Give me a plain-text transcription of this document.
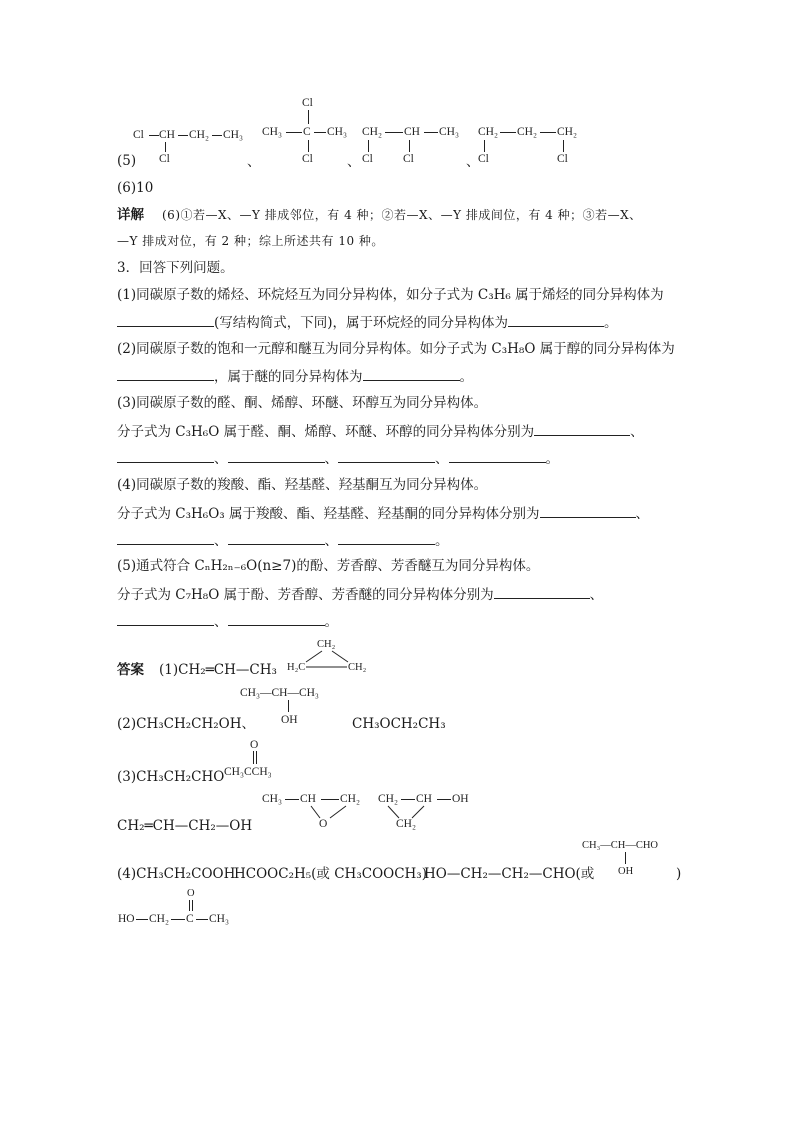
(5)
Cl CH CH₂ CH₃
Cl	、
Cl
CH₃ C CH₃
Cl	、
CH₂ CH CH₃
Cl	Cl	、
CH₂ CH₂ CH₂
Cl	Cl
(6)10
详解 (6)①若—X、—Y 排成邻位，有 4 种；②若—X、—Y 排成间位，有 4 种；③若—X、
—Y 排成对位，有 2 种；综上所述共有 10 种。
3．回答下列问题。
(1)同碳原子数的烯烃、环烷烃互为同分异构体，如分子式为 C₃H₆ 属于烯烃的同分异构体为
(写结构简式，下同)，属于环烷烃的同分异构体为	。
(2)同碳原子数的饱和一元醇和醚互为同分异构体。如分子式为 C₃H₈O 属于醇的同分异构体为
，属于醚的同分异构体为	。
(3)同碳原子数的醛、酮、烯醇、环醚、环醇互为同分异构体。
分子式为 C₃H₆O 属于醛、酮、烯醇、环醚、环醇的同分异构体分别为	、
、	、	、	。
(4)同碳原子数的羧酸、酯、羟基醛、羟基酮互为同分异构体。
分子式为 C₃H₆O₃ 属于羧酸、酯、羟基醛、羟基酮的同分异构体分别为	、
、	、	。
(5)通式符合 CₙH₂ₙ₋₆O(n≥7)的酚、芳香醇、芳香醚互为同分异构体。
分子式为 C₇H₈O 属于酚、芳香醇、芳香醚的同分异构体分别为	、
、	。
答案 (1)CH₂═CH—CH₃
CH₂
H₂C	CH₂
(2)CH₃CH₂CH₂OH、
CH₃—CH—CH₃
OH	CH₃OCH₂CH₃
(3)CH₃CH₂CHO
O
CH₃CCH₃
CH₃ CH CH₂
O
CH₂ CH OH
CH₂
CH₂═CH—CH₂—OH
(4)CH₃CH₂COOH
HCOOC₂H₅(或 CH₃COOCH₃)
HO—CH₂—CH₂—CHO(或
CH₃—CH—CHO
OH	)
O
HO CH₂ C CH₃
